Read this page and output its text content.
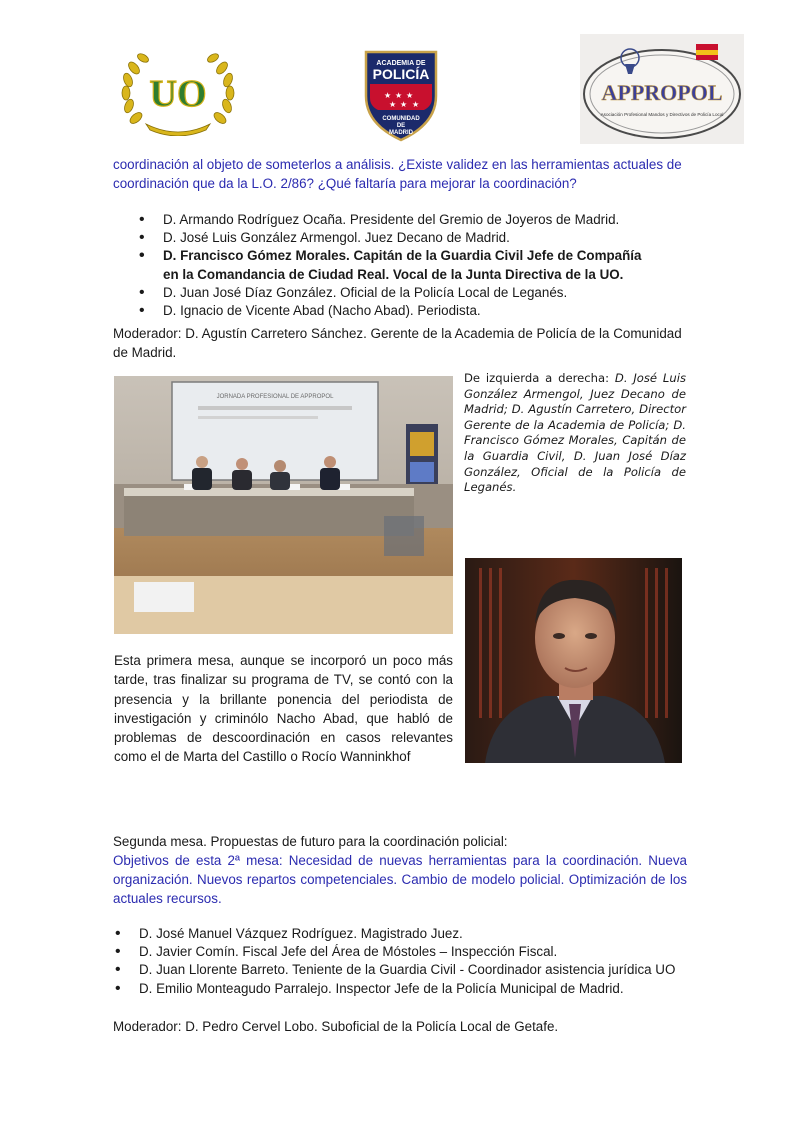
UO
ACADEMIA DE
POLICÍA
★ ★ ★
★ ★ ★
COMUNIDAD
DE
MADRID
APPROPOL
Asociación Profesional Mandos y Directivos de Policía Local

coordinación al objeto de someterlos a análisis. ¿Existe validez en las herramientas actuales de coordinación que da la L.O. 2/86? ¿Qué faltaría para mejorar la coordinación?

• D. Armando Rodríguez Ocaña. Presidente del Gremio de Joyeros de Madrid.
• D. José Luis González Armengol. Juez Decano de Madrid.
• D. Francisco Gómez Morales. Capitán de la Guardia Civil Jefe de Compañía en la Comandancia de Ciudad Real. Vocal de la Junta Directiva de la UO.
• D. Juan José Díaz González. Oficial de la Policía Local de Leganés.
• D. Ignacio de Vicente Abad (Nacho Abad). Periodista.

Moderador: D. Agustín Carretero Sánchez. Gerente de la Academia de Policía de la Comunidad de Madrid.

JORNADA PROFESIONAL DE APPROPOL
De izquierda a derecha: D. José Luis González Armengol, Juez Decano de Madrid; D. Agustín Carretero, Director Gerente de la Academia de Policía; D. Francisco Gómez Morales, Capitán de la Guardia Civil, D. Juan José Díaz González, Oficial de la Policía de Leganés.

Esta primera mesa, aunque se incorporó un poco más tarde, tras finalizar su programa de TV, se contó con la presencia y la brillante ponencia del periodista de investigación y criminólo Nacho Abad, que habló de problemas de descoordinación en casos relevantes como el de Marta del Castillo o Rocío Wanninkhof

Segunda mesa. Propuestas de futuro para la coordinación policial:

Objetivos de esta 2ª mesa: Necesidad de nuevas herramientas para la coordinación. Nueva organización. Nuevos repartos competenciales. Cambio de modelo policial. Optimización de los actuales recursos.

• D. José Manuel Vázquez Rodríguez. Magistrado Juez.
• D. Javier Comín. Fiscal Jefe del Área de Móstoles – Inspección Fiscal.
• D. Juan Llorente Barreto. Teniente de la Guardia Civil - Coordinador asistencia jurídica UO
• D. Emilio Monteagudo Parralejo. Inspector Jefe de la Policía Municipal de Madrid.

Moderador: D. Pedro Cervel Lobo. Suboficial de la Policía Local de Getafe.
